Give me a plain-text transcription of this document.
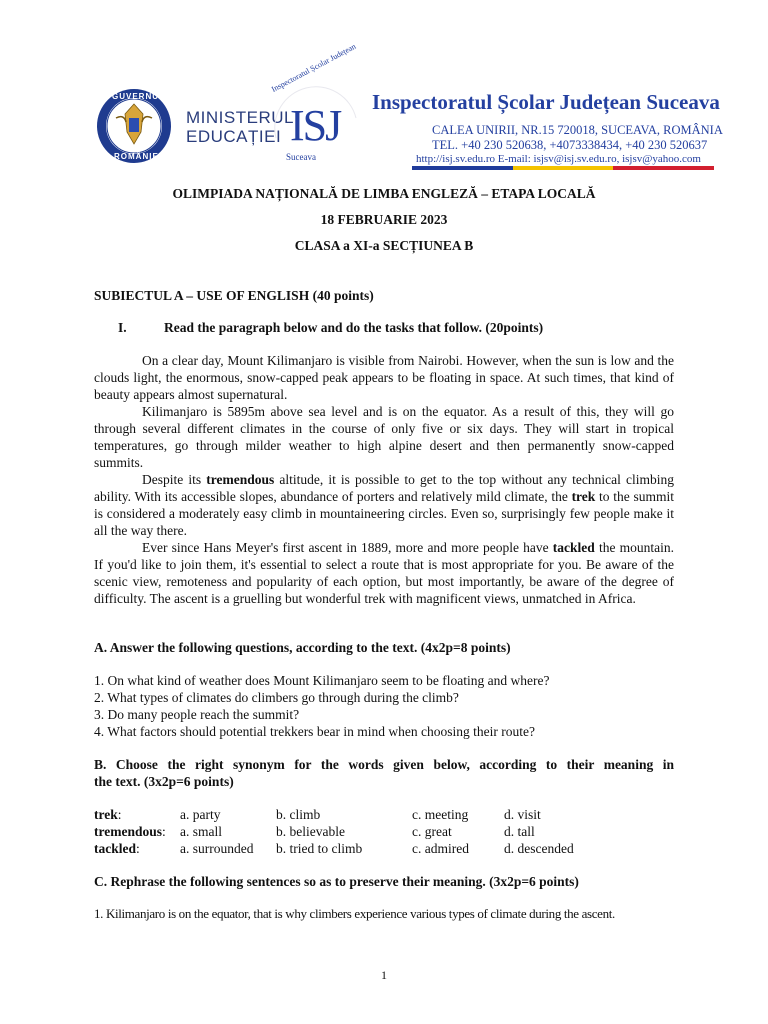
GUVERNUL
ROMÂNIEI
MINISTERUL
EDUCAȚIEI ISJ
Inspectoratul Școlar Județean
Suceava
Inspectoratul Școlar Județean Suceava
CALEA UNIRII, NR.15 720018, SUCEAVA, ROMÂNIA
TEL. +40 230 520638, +4073338434, +40 230 520637
http://isj.sv.edu.ro E-mail: isjsv@isj.sv.edu.ro, isjsv@yahoo.com
OLIMPIADA NAȚIONALĂ DE LIMBA ENGLEZĂ – ETAPA LOCALĂ
18 FEBRUARIE 2023
CLASA a XI-a SECȚIUNEA B
SUBIECTUL A – USE OF ENGLISH (40 points)
I.	Read the paragraph below and do the tasks that follow. (20points)

On a clear day, Mount Kilimanjaro is visible from Nairobi. However, when the sun is low and the clouds light, the enormous, snow-capped peak appears to be floating in space. At such times, that kind of beauty appears almost supernatural.

Kilimanjaro is 5895m above sea level and is on the equator. As a result of this, they will go through several different climates in the course of only five or six days. They will start in tropical temperatures, go through milder weather to high alpine desert and then permanently snow-capped summits.

Despite its tremendous altitude, it is possible to get to the top without any technical climbing ability. With its accessible slopes, abundance of porters and relatively mild climate, the trek to the summit is considered a moderately easy climb in mountaineering circles. Even so, surprisingly few people make it all the way there.

Ever since Hans Meyer's first ascent in 1889, more and more people have tackled the mountain. If you'd like to join them, it's essential to select a route that is most appropriate for you. Be aware of the scenic view, remoteness and popularity of each option, but most importantly, be aware of the degree of difficulty. The ascent is a gruelling but wonderful trek with magnificent views, unmatched in Africa.

A. Answer the following questions, according to the text. (4x2p=8 points)
1. On what kind of weather does Mount Kilimanjaro seem to be floating and where?
2. What types of climates do climbers go through during the climb?
3. Do many people reach the summit?
4. What factors should potential trekkers bear in mind when choosing their route?
B. Choose the right synonym for the words given below, according to their meaning in
the text. (3x2p=6 points)
trek:	a. party	b. climb	c. meeting	d. visit
tremendous:	a. small	b. believable	c. great	d. tall
tackled:	a. surrounded	b. tried to climb	c. admired	d. descended
C. Rephrase the following sentences so as to preserve their meaning. (3x2p=6 points)
1. Kilimanjaro is on the equator, that is why climbers experience various types of climate during the ascent.
1
